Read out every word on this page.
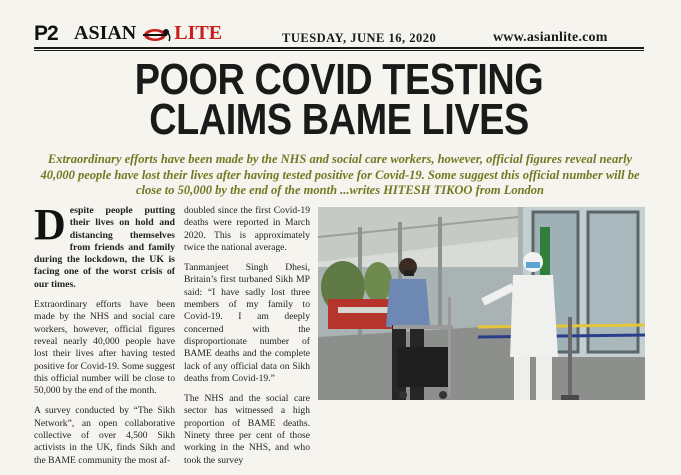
P2 ASIAN LITE	TUESDAY, JUNE 16, 2020	www.asianlite.com
POOR COVID TESTING
CLAIMS BAME LIVES
Extraordinary efforts have been made by the NHS and social care workers, however, official figures reveal nearly 40,000 people have lost their lives after having tested positive for Covid-19. Some suggest this official number will be close to 50,000 by the end of the month ...writes HITESH TIKOO from London

Despite people putting their lives on hold and distancing themselves from friends and family during the lockdown, the UK is facing one of the worst crisis of our times.

Extraordinary efforts have been made by the NHS and social care workers, however, official figures reveal nearly 40,000 people have lost their lives after having tested positive for Covid-19. Some suggest this official number will be close to 50,000 by the end of the month.

A survey conducted by “The Sikh Network”, an open collaborative collective of over 4,500 Sikh activists in the UK, finds Sikh and the BAME community the most af-

doubled since the first Covid-19 deaths were reported in March 2020. This is approximately twice the national average.

Tanmanjeet Singh Dhesi, Britain’s first turbaned Sikh MP said: “I have sadly lost three members of my family to Covid-19. I am deeply concerned with the disproportionate number of BAME deaths and the complete lack of any official data on Sikh deaths from Covid-19.”

The NHS and the social care sector has witnessed a high proportion of BAME deaths. Ninety three per cent of those working in the NHS, and who took the survey
